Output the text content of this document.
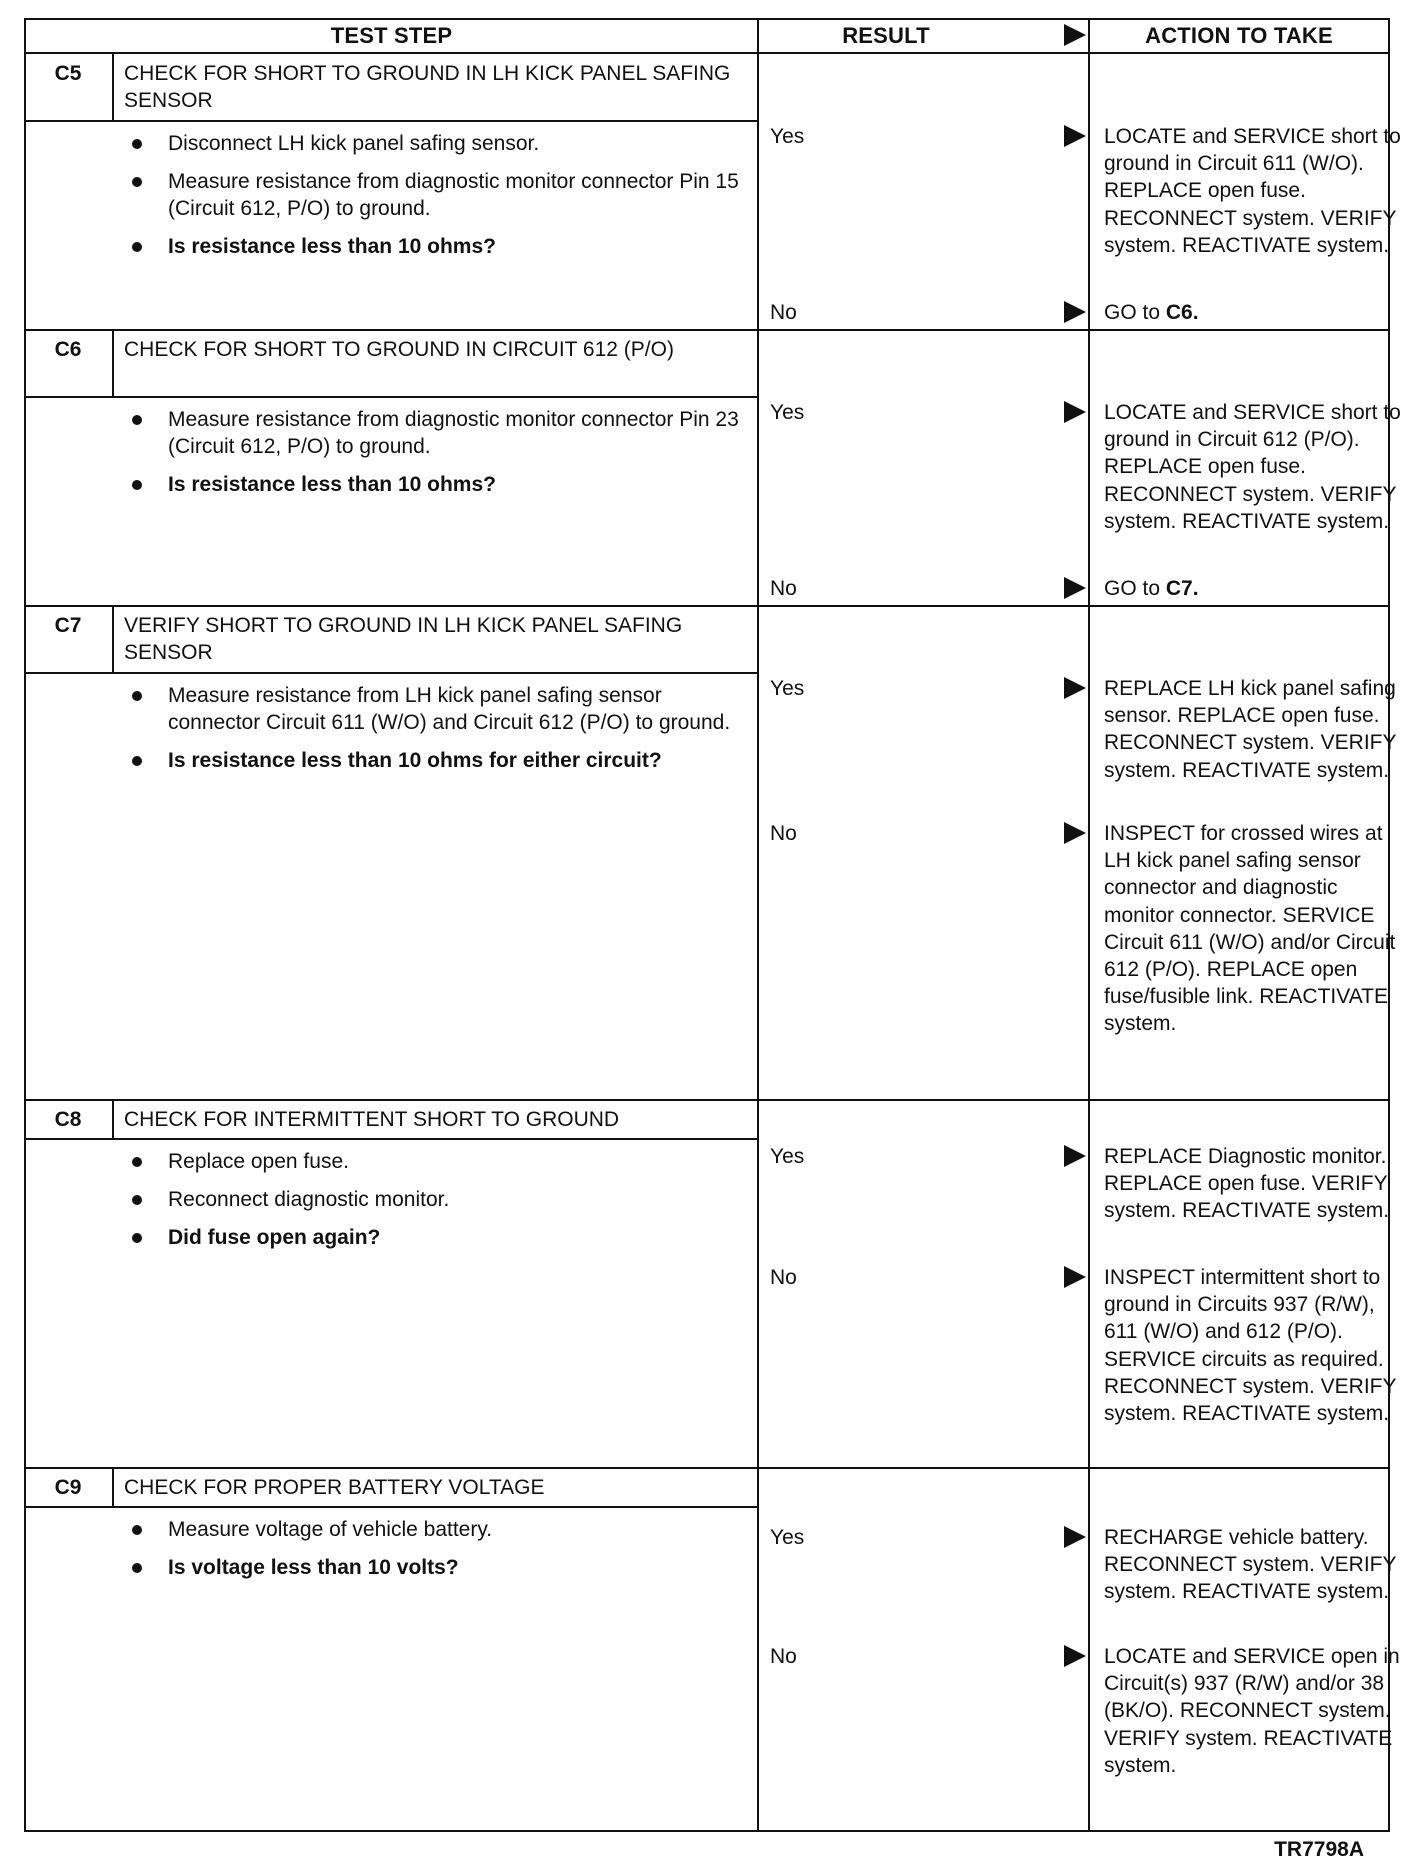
TEST STEP	RESULT	ACTION TO TAKE
C5	CHECK FOR SHORT TO GROUND IN LH KICK PANEL SAFING SENSOR
Disconnect LH kick panel safing sensor.
Measure resistance from diagnostic monitor connector Pin 15 (Circuit 612, P/O) to ground.
Is resistance less than 10 ohms?
Yes	LOCATE and SERVICE short to ground in Circuit 611 (W/O). REPLACE open fuse. RECONNECT system. VERIFY system. REACTIVATE system.
No	GO to C6.
C6	CHECK FOR SHORT TO GROUND IN CIRCUIT 612 (P/O)
Measure resistance from diagnostic monitor connector Pin 23 (Circuit 612, P/O) to ground.
Is resistance less than 10 ohms?
Yes	LOCATE and SERVICE short to ground in Circuit 612 (P/O). REPLACE open fuse. RECONNECT system. VERIFY system. REACTIVATE system.
No	GO to C7.
C7	VERIFY SHORT TO GROUND IN LH KICK PANEL SAFING SENSOR
Measure resistance from LH kick panel safing sensor connector Circuit 611 (W/O) and Circuit 612 (P/O) to ground.
Is resistance less than 10 ohms for either circuit?
Yes	REPLACE LH kick panel safing sensor. REPLACE open fuse. RECONNECT system. VERIFY system. REACTIVATE system.
No	INSPECT for crossed wires at LH kick panel safing sensor connector and diagnostic monitor connector. SERVICE Circuit 611 (W/O) and/or Circuit 612 (P/O). REPLACE open fuse/fusible link. REACTIVATE system.
C8	CHECK FOR INTERMITTENT SHORT TO GROUND
Replace open fuse.
Reconnect diagnostic monitor.
Did fuse open again?
Yes	REPLACE Diagnostic monitor. REPLACE open fuse. VERIFY system. REACTIVATE system.
No	INSPECT intermittent short to ground in Circuits 937 (R/W), 611 (W/O) and 612 (P/O). SERVICE circuits as required. RECONNECT system. VERIFY system. REACTIVATE system.
C9	CHECK FOR PROPER BATTERY VOLTAGE
Measure voltage of vehicle battery.
Is voltage less than 10 volts?
Yes	RECHARGE vehicle battery. RECONNECT system. VERIFY system. REACTIVATE system.
No	LOCATE and SERVICE open in Circuit(s) 937 (R/W) and/or 38 (BK/O). RECONNECT system. VERIFY system. REACTIVATE system.
TR7798A
